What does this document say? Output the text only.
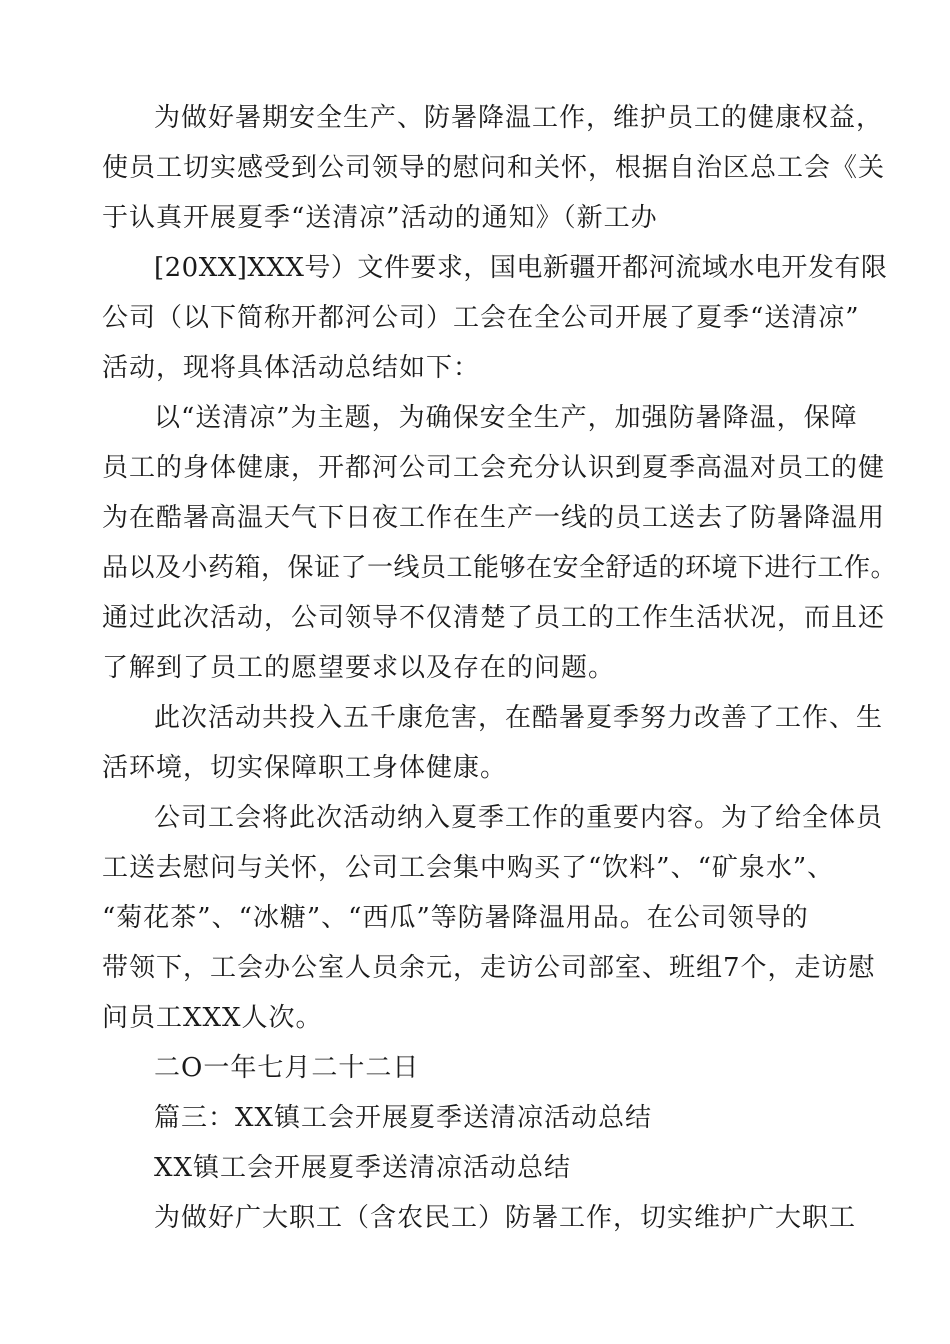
为做好暑期安全生产、防暑降温工作，维护员工的健康权益，
使员工切实感受到公司领导的慰问和关怀，根据自治区总工会《关
于认真开展夏季“送清凉”活动的通知》（新工办
[20XX]XXX号）文件要求，国电新疆开都河流域水电开发有限
公司（以下简称开都河公司）工会在全公司开展了夏季“送清凉”
活动，现将具体活动总结如下：
以“送清凉”为主题，为确保安全生产，加强防暑降温，保障
员工的身体健康，开都河公司工会充分认识到夏季高温对员工的健
为在酷暑高温天气下日夜工作在生产一线的员工送去了防暑降温用
品以及小药箱，保证了一线员工能够在安全舒适的环境下进行工作。
通过此次活动，公司领导不仅清楚了员工的工作生活状况，而且还
了解到了员工的愿望要求以及存在的问题。
此次活动共投入五千康危害，在酷暑夏季努力改善了工作、生
活环境，切实保障职工身体健康。
公司工会将此次活动纳入夏季工作的重要内容。为了给全体员
工送去慰问与关怀，公司工会集中购买了“饮料”、“矿泉水”、
“菊花茶”、“冰糖”、“西瓜”等防暑降温用品。在公司领导的
带领下，工会办公室人员余元，走访公司部室、班组7个，走访慰
问员工XXX人次。
二O一年七月二十二日
篇三：XX镇工会开展夏季送清凉活动总结
XX镇工会开展夏季送清凉活动总结
为做好广大职工（含农民工）防暑工作，切实维护广大职工
